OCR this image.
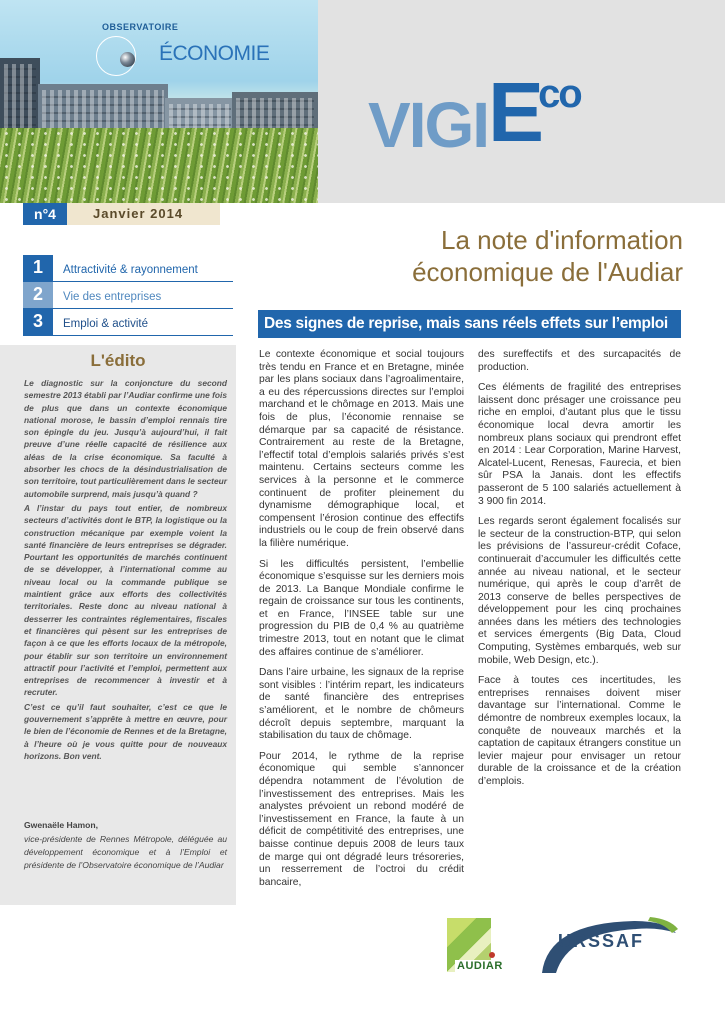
OBSERVATOIRE
ÉCONOMIE
$VIGIE^{co}$
n°4	Janvier 2014
La note d'information
économique de l'Audiar
1	Attractivité & rayonnement
2	Vie des entreprises
3	Emploi & activité	Des signes de reprise, mais sans réels effets sur l’emploi
L'édito

Le diagnostic sur la conjoncture du second semestre 2013 établi par l’Audiar confirme une fois de plus que dans un contexte économique national morose, le bassin d’emploi rennais tire son épingle du jeu. Jusqu’à aujourd’hui, il fait preuve d’une réelle capacité de résilience aux aléas de la crise économique. Sa faculté à absorber les chocs de la désindustrialisation de son territoire, tout particulièrement dans le secteur automobile surprend, mais jusqu’à quand ?

A l’instar du pays tout entier, de nombreux secteurs d’activités dont le BTP, la logistique ou la construction mécanique par exemple voient la santé financière de leurs entreprises se dégrader. Pourtant les opportunités de marchés continuent de se développer, à l’international comme au niveau local ou la commande publique se maintient grâce aux efforts des collectivités territoriales. Reste donc au niveau national à desserrer les contraintes réglementaires, fiscales et financières qui pèsent sur les entreprises de façon à ce que les efforts locaux de la métropole, pour établir sur son territoire un environnement attractif pour l’activité et l’emploi, permettent aux entreprises de recommencer à investir et à recruter.

C’est ce qu’il faut souhaiter, c’est ce que le gouvernement s’apprête à mettre en œuvre, pour le bien de l’économie de Rennes et de la Bretagne, à l’heure où je vous quitte pour de nouveaux horizons. Bon vent.

Gwenaële Hamon,
vice-présidente de Rennes Métropole, déléguée au développement économique et à l’Emploi et présidente de l’Observatoire économique de l’Audiar

Le contexte économique et social toujours très tendu en France et en Bretagne, minée par les plans sociaux dans l’agroalimentaire, a eu des répercussions directes sur l’emploi marchand et le chômage en 2013. Mais une fois de plus, l’économie rennaise se démarque par sa capacité de résistance. Contrairement au reste de la Bretagne, l’effectif total d’emplois salariés privés s’est maintenu. Certains secteurs comme les services à la personne et le commerce continuent de profiter pleinement du dynamisme démographique local, et compensent l’érosion continue des effectifs industriels ou le coup de frein observé dans la filière numérique.

Si les difficultés persistent, l’embellie économique s’esquisse sur les derniers mois de 2013. La Banque Mondiale confirme le regain de croissance sur tous les continents, et en France, l’INSEE table sur une progression du PIB de 0,4 % au quatrième trimestre 2013, tout en notant que le climat des affaires continue de s’améliorer.

Dans l’aire urbaine, les signaux de la reprise sont visibles : l’intérim repart, les indicateurs de santé financière des entreprises s’améliorent, et le nombre de chômeurs décroît depuis septembre, marquant la stabilisation du taux de chômage.

Pour 2014, le rythme de la reprise économique qui semble s’annoncer dépendra notamment de l’évolution de l’investissement des entreprises. Mais les analystes prévoient un rebond modéré de l’investissement en France, la faute à un déficit de compétitivité des entreprises, une baisse continue depuis 2008 de leurs taux de marge qui ont dégradé leurs trésoreries, un resserrement de l’octroi du crédit bancaire,

des sureffectifs et des surcapacités de production.

Ces éléments de fragilité des entreprises laissent donc présager une croissance peu riche en emploi, d’autant plus que le tissu économique local devra amortir les nombreux plans sociaux qui prendront effet en 2014 : Lear Corporation, Marine Harvest, Alcatel-Lucent, Renesas, Faurecia, et bien sûr PSA la Janais. dont les effectifs passeront de 5 100 salariés actuellement à 3 900 fin 2014.

Les regards seront également focalisés sur le secteur de la construction-BTP, qui selon les prévisions de l’assureur-crédit Coface, continuerait d’accumuler les difficultés cette année au niveau national, et le secteur numérique, qui après le coup d’arrêt de 2013 conserve de belles perspectives de développement pour les cinq prochaines années dans les métiers des technologies et services émergents (Big Data, Cloud Computing, Systèmes embarqués, web sur mobile, Web Design, etc.).

Face à toutes ces incertitudes, les entreprises rennaises doivent miser davantage sur l’international. Comme le démontre de nombreux exemples locaux, la conquête de nouveaux marchés et la captation de capitaux étrangers constitue un levier majeur pour envisager un retour durable de la croissance et de la création d’emplois.

AUDIAR
URSSAF
